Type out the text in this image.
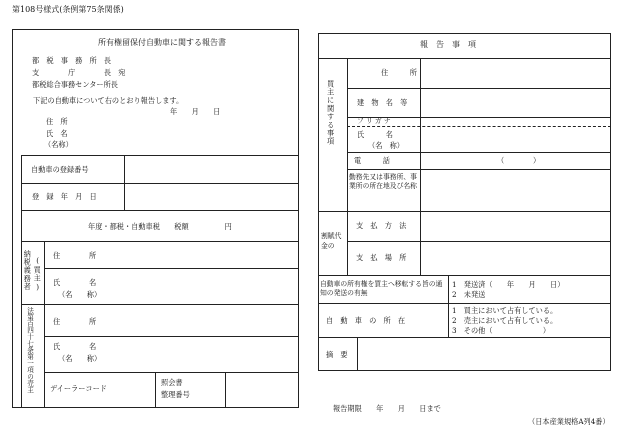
第108号様式(条例第75条関係)
所有権留保付自動車に関する報告書
都　税　事　務　所　長
支　　　　庁　　　　長　宛
都税総合事務センター所長
下記の自動車について右のとおり報告します。
年　　月　　日
住　所
氏　名
（名称）
自動車の登録番号
登　録　年　月　日
年度・都税・自動車税　　税額　　　　　円
納税義務者 (買主)
法第百四十七条第一項の売主
住　　　　所
氏　　　　名
（名　　称）
住　　　　所
氏　　　　名
（名　　称）
デイーラーコード
照会書
整理番号
報　告　事　項
買主に関する事項
住　　　所
建　物　名　等
フ リ ガ ナ
氏　　　名
（名　称）
電　　　話	（　　　　）
勤務先又は事務所、事業所の所在地及び名称
割賦代金の
支　払　方　法
支　払　場　所
自動車の所有権を買主へ移転する旨の通知の発送の有無
1　発送済（　　年　　月　　日）
2　未発送
自　動　車　の　所　在
1　買主において占有している。
2　売主において占有している。
3　その他（　　　　　　　）
摘　要
報告期限　　年　　月　　日まで
（日本産業規格A列4番）
